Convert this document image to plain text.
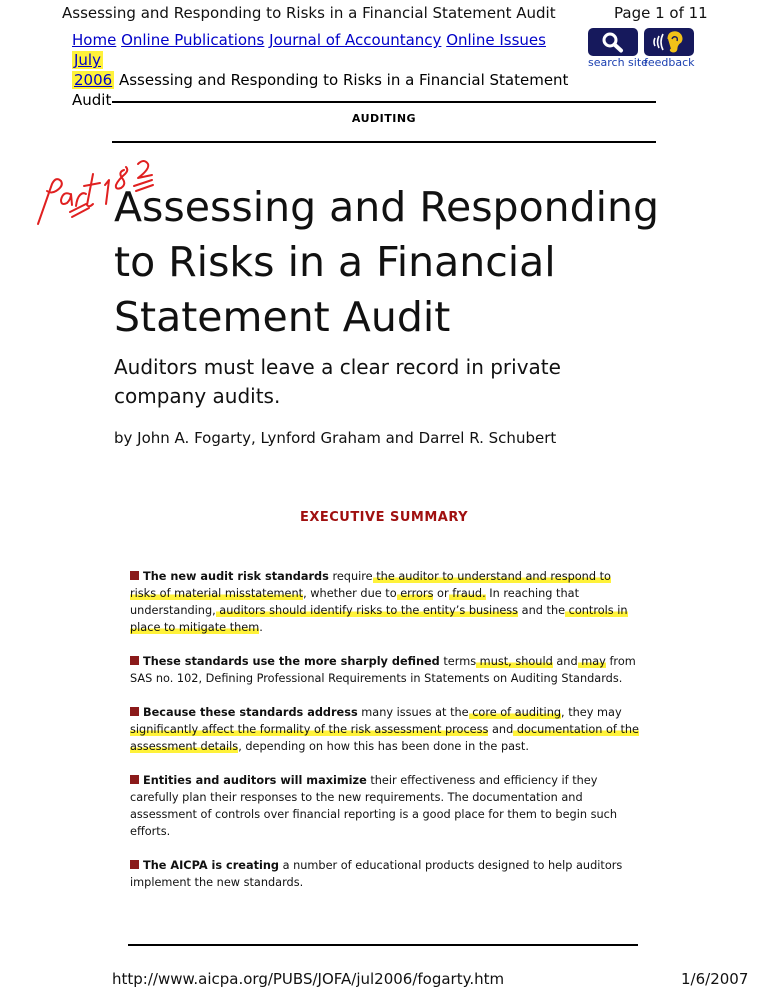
Assessing and Responding to Risks in a Financial Statement Audit	Page 1 of 11
Home Online Publications Journal of Accountancy Online Issues July
2006 Assessing and Responding to Risks in a Financial Statement Audit
search site
feedback
AUDITING
Assessing and Responding to Risks in a Financial Statement Audit

Auditors must leave a clear record in private company audits.

by John A. Fogarty, Lynford Graham and Darrel R. Schubert
EXECUTIVE SUMMARY
The new audit risk standards require the auditor to understand and respond to risks of material misstatement, whether due to errors or fraud. In reaching that understanding, auditors should identify risks to the entity’s business and the controls in place to mitigate them.
These standards use the more sharply defined terms must, should and may from SAS no. 102, Defining Professional Requirements in Statements on Auditing Standards.
Because these standards address many issues at the core of auditing, they may significantly affect the formality of the risk assessment process and documentation of the assessment details, depending on how this has been done in the past.
Entities and auditors will maximize their effectiveness and efficiency if they carefully plan their responses to the new requirements. The documentation and assessment of controls over financial reporting is a good place for them to begin such efforts.
The AICPA is creating a number of educational products designed to help auditors implement the new standards.
http://www.aicpa.org/PUBS/JOFA/jul2006/fogarty.htm	1/6/2007
